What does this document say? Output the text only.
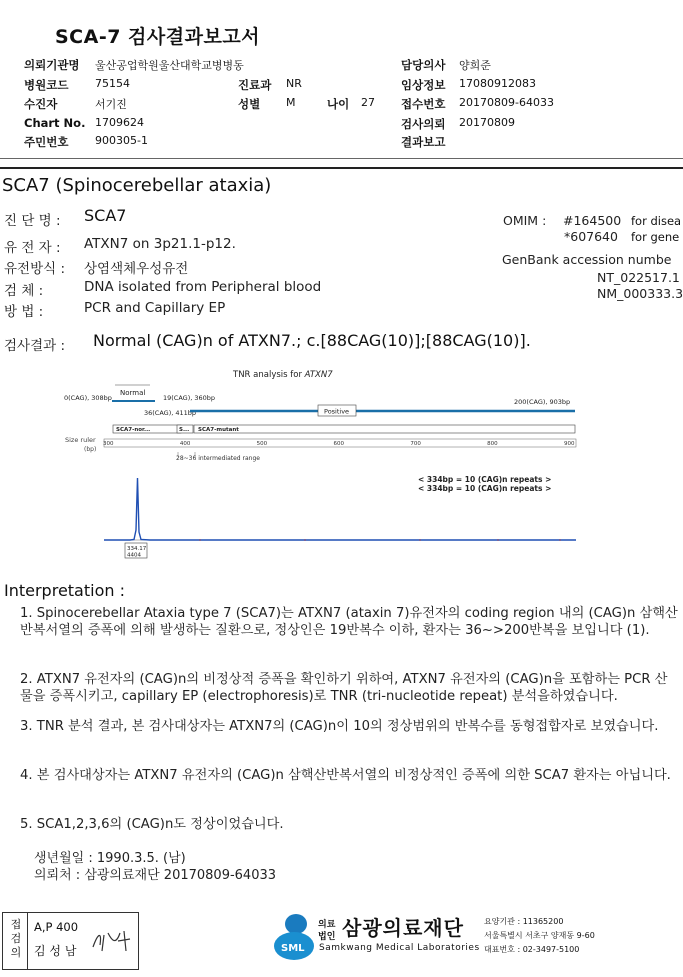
SCA-7 검사결과보고서
의뢰기관명 울산공업학원울산대학교병병동	담당의사 양희준
병원코드 75154	진료과 NR	임상정보 17080912083
수진자	서기진	성별 M	나이 27 접수번호 20170809-64033
Chart No. 1709624	검사의뢰 20170809
주민번호 900305-1	결과보고
SCA7 (Spinocerebellar ataxia)
진 단 명 : SCA7
유 전 자 : ATXN7 on 3p21.1-p12.
유전방식 : 상염색체우성유전
검 체 :	DNA isolated from Peripheral blood
방 법 :	PCR and Capillary EP
OMIM : #164500 for disea
*607640 for gene
GenBank accession numbe
NT_022517.1
NM_000333.3
검사결과 : Normal (CAG)n of ATXN7.; c.[88CAG(10)];[88CAG(10)].
TNR analysis for ATXN7
Normal
0(CAG), 308bp	19(CAG), 360bp
36(CAG), 411bp
200(CAG), 903bp
Positive
SCA7-nor...	S... SCA7-mutant
Size ruler
(bp)
300	400	500	600	700	800	900
28~36 intermediated range
< 334bp = 10 (CAG)n repeats >
< 334bp = 10 (CAG)n repeats >
334.17
4404
Interpretation :
1. Spinocerebellar Ataxia type 7 (SCA7)는 ATXN7 (ataxin 7)유전자의 coding region 내의 (CAG)n 삼핵산 반복서열의 증폭에 의해 발생하는 질환으로, 정상인은 19반복수 이하, 환자는 36~>200반복을 보입니다 (1).
2. ATXN7 유전자의 (CAG)n의 비정상적 증폭을 확인하기 위하여, ATXN7 유전자의 (CAG)n을 포함하는 PCR 산물을 증폭시키고, capillary EP (electrophoresis)로 TNR (tri-nucleotide repeat) 분석을하였습니다.
3. TNR 분석 결과, 본 검사대상자는 ATXN7의 (CAG)n이 10의 정상범위의 반복수를 동형접합자로 보였습니다.
4. 본 검사대상자는 ATXN7 유전자의 (CAG)n 삼핵산반복서열의 비정상적인 증폭에 의한 SCA7 환자는 아닙니다.
5. SCA1,2,3,6의 (CAG)n도 정상이었습니다.
생년월일 : 1990.3.5. (남)
의뢰처 : 삼광의료재단 20170809-64033
접검의
A,P 400
김 성 남	SML
의료
법인 삼광의료재단
Samkwang Medical Laboratories
요양기관 : 11365200
서울특별시 서초구 양재동 9-60
대표번호 : 02-3497-5100
